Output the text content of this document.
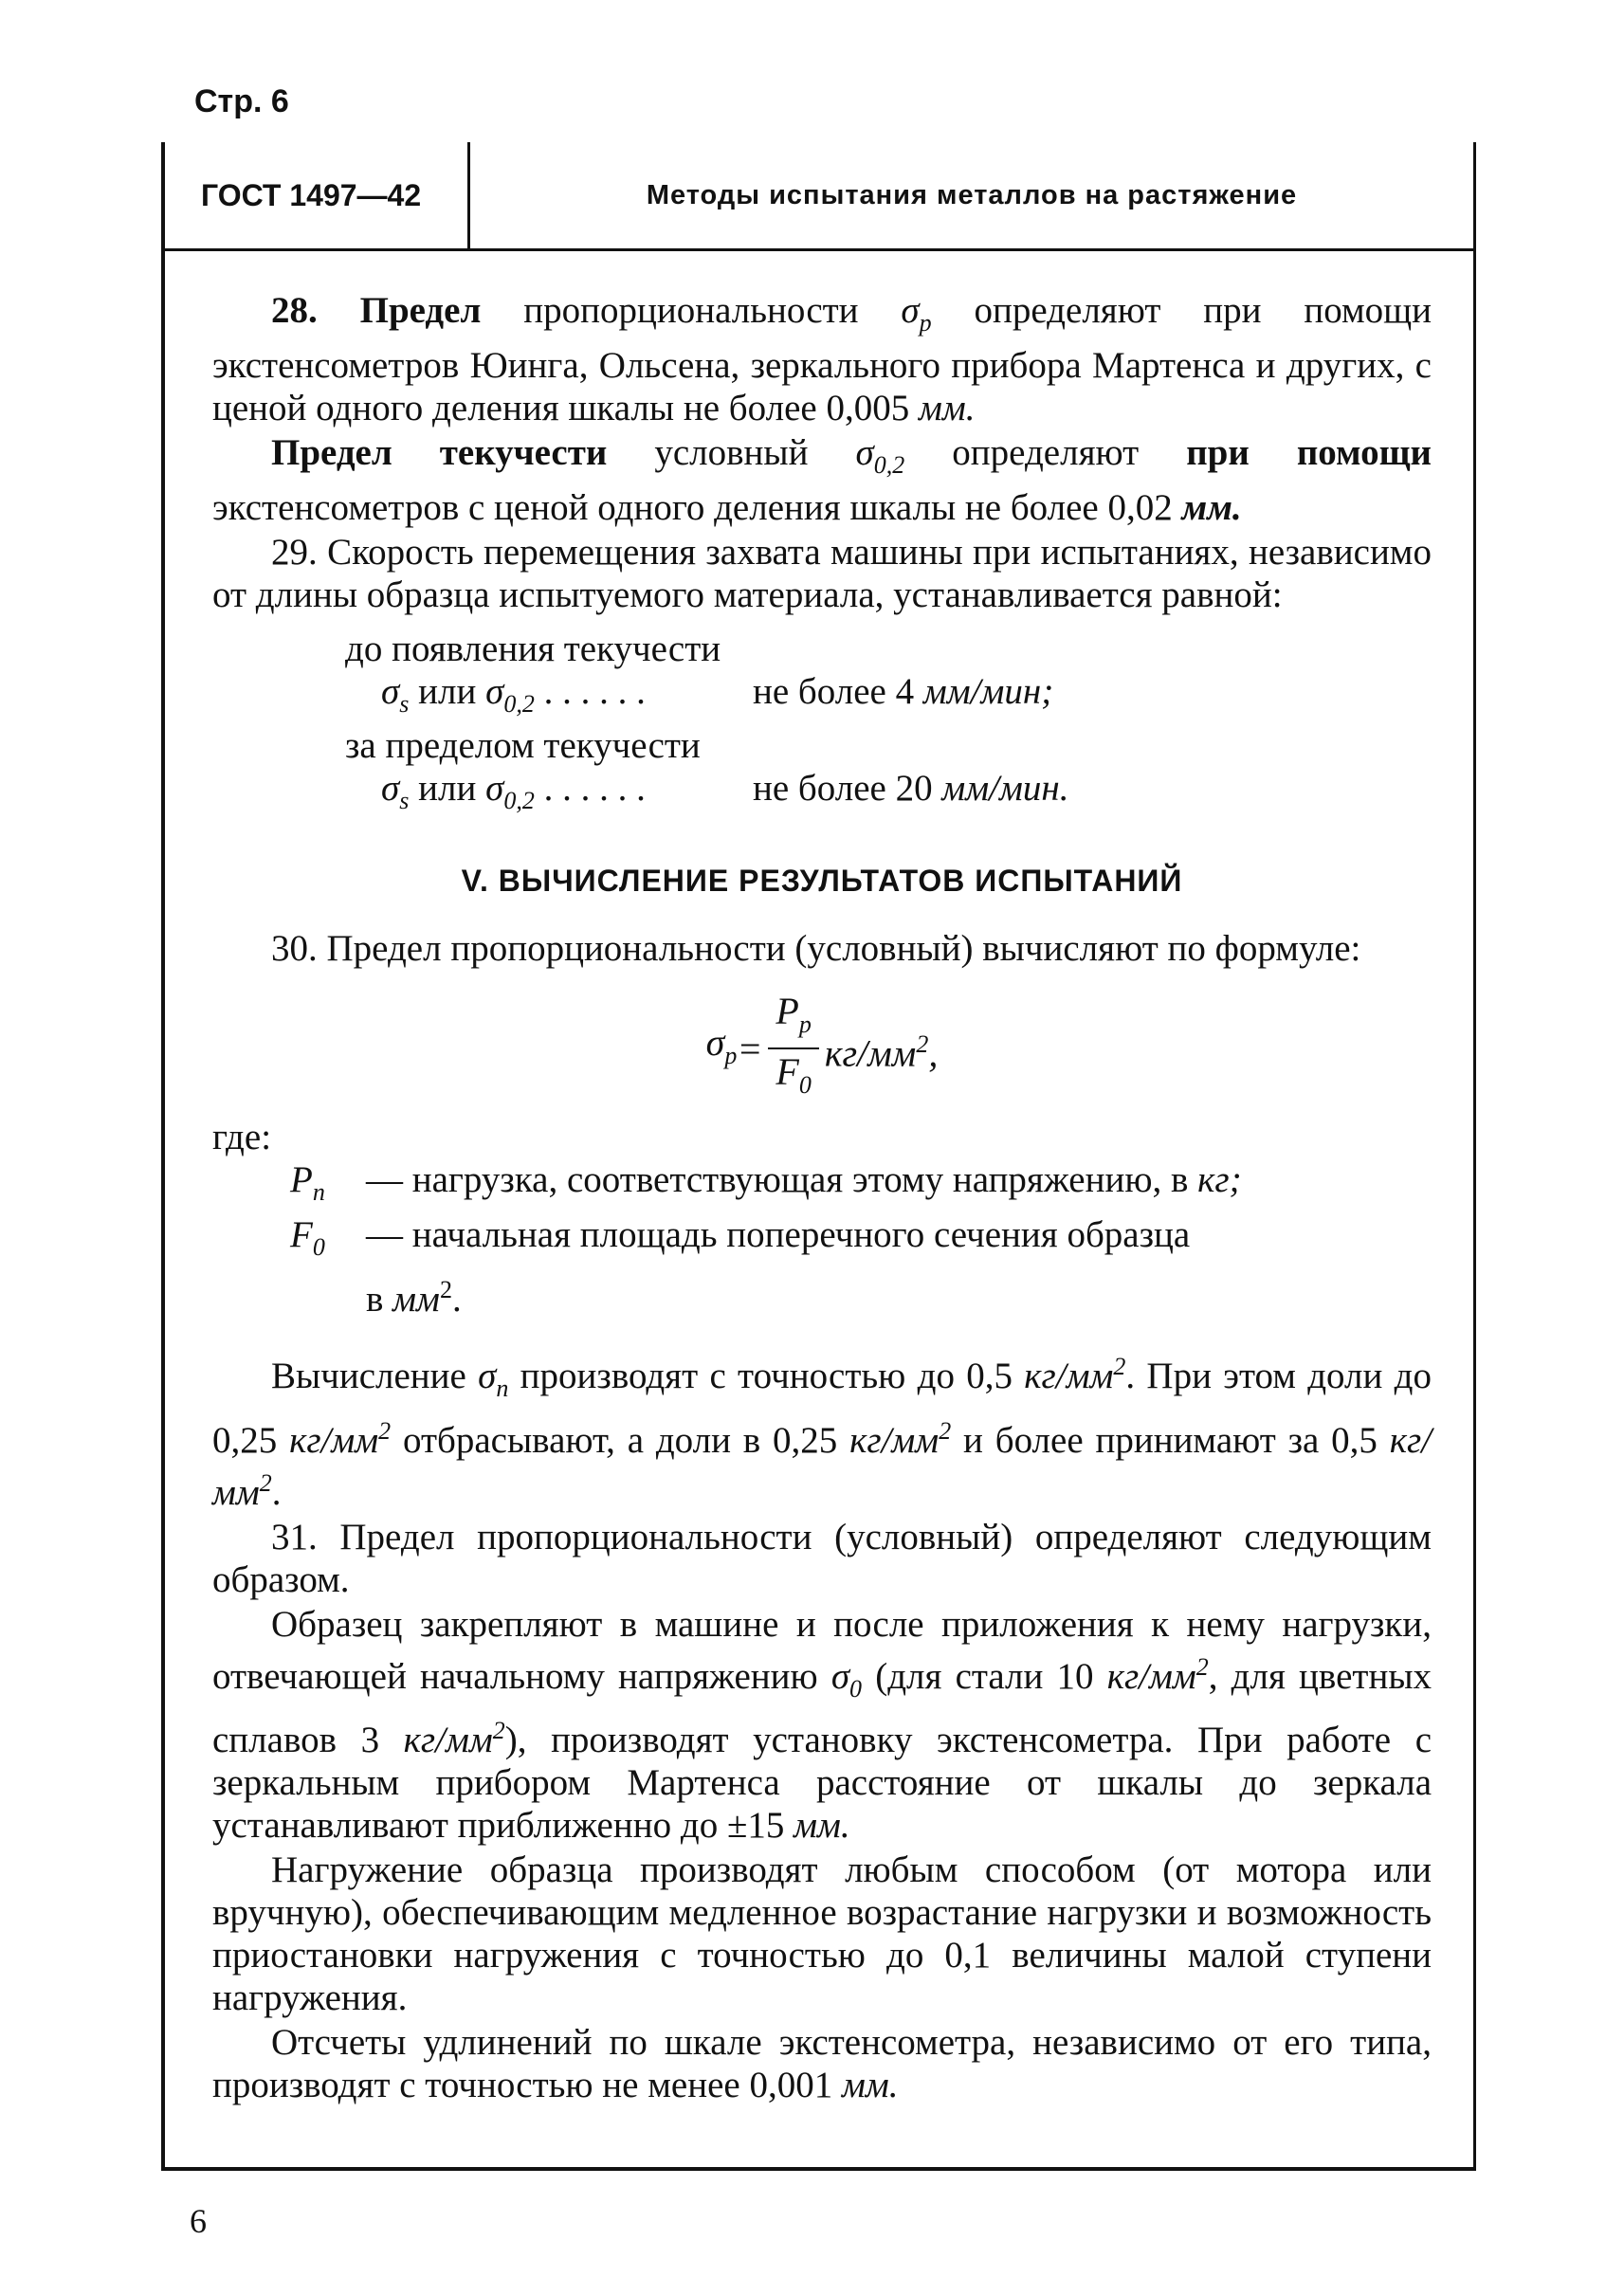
Стр. 6
ГОСТ 1497—42	Методы испытания металлов на растяжение

28. Предел пропорциональности $\sigma_p$ определяют при помощи экстенсометров Юинга, Ольсена, зеркального прибора Мартенса и других, с ценой одного деления шкалы не более 0,005 мм.

Предел текучести условный $\sigma_{0,2}$ определяют при помощи экстенсометров с ценой одного деления шкалы не более 0,02 мм.

29. Скорость перемещения захвата машины при испытаниях, независимо от длины образца испытуемого материала, устанавливается равной:

до появления текучести
$\sigma_s$ или $\sigma_{0,2}$ . . . . . .	не более 4 мм/мин;
за пределом текучести
$\sigma_s$ или $\sigma_{0,2}$ . . . . . .	не более 20 мм/мин.
V. ВЫЧИСЛЕНИЕ РЕЗУЛЬТАТОВ ИСПЫТАНИЙ

30. Предел пропорциональности (условный) вычисляют по формуле:

$\sigma_p = \frac{P_p}{F_0} кг/мм^2$,
где:
$P_п$	— нагрузка, соответствующая этому напряжению, в кг;
$F_0$	— начальная площадь поперечного сечения образца
в $мм^2$.

Вычисление $\sigma_п$ производят с точностью до 0,5 $кг/мм^2$. При этом доли до 0,25 $кг/мм^2$ отбрасывают, а доли в 0,25 $кг/мм^2$ и более принимают за 0,5 $кг/мм^2$.

31. Предел пропорциональности (условный) определяют следующим образом.

Образец закрепляют в машине и после приложения к нему нагрузки, отвечающей начальному напряжению $\sigma_0$ (для стали 10 $кг/мм^2$, для цветных сплавов 3 $кг/мм^2$), производят установку экстенсометра. При работе с зеркальным прибором Мартенса расстояние от шкалы до зеркала устанавливают приближенно до ±15 мм.

Нагружение образца производят любым способом (от мотора или вручную), обеспечивающим медленное возрастание нагрузки и возможность приостановки нагружения с точностью до 0,1 величины малой ступени нагружения.

Отсчеты удлинений по шкале экстенсометра, независимо от его типа, производят с точностью не менее 0,001 мм.

6
